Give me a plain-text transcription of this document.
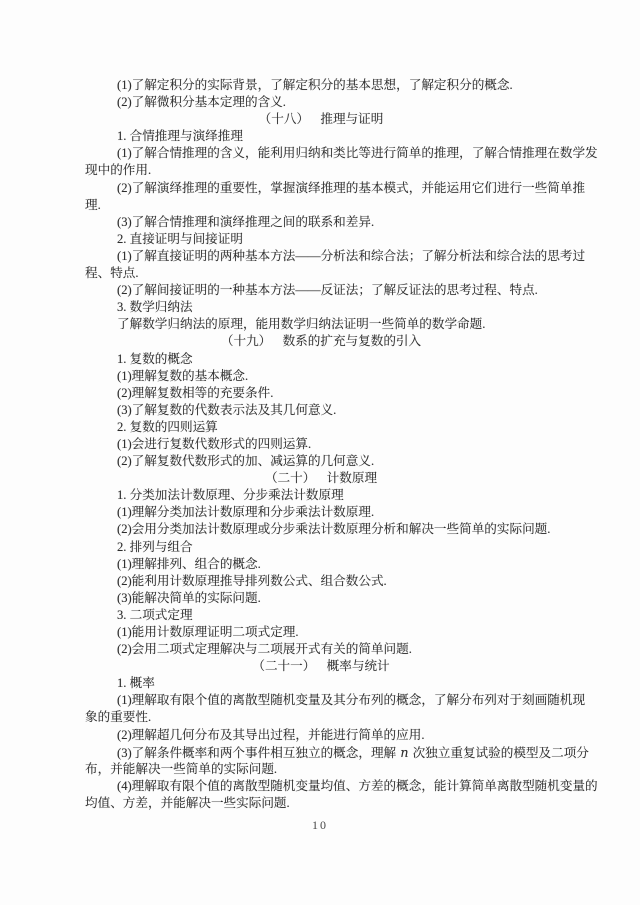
(1)了解定积分的实际背景，了解定积分的基本思想，了解定积分的概念.
(2)了解微积分基本定理的含义.
（十八） 推理与证明
1. 合情推理与演绎推理
(1)了解合情推理的含义，能利用归纳和类比等进行简单的推理，了解合情推理在数学发
现中的作用.
(2)了解演绎推理的重要性，掌握演绎推理的基本模式，并能运用它们进行一些简单推
理.
(3)了解合情推理和演绎推理之间的联系和差异.
2. 直接证明与间接证明
(1)了解直接证明的两种基本方法——分析法和综合法；了解分析法和综合法的思考过
程、特点.
(2)了解间接证明的一种基本方法——反证法；了解反证法的思考过程、特点.
3. 数学归纳法
了解数学归纳法的原理，能用数学归纳法证明一些简单的数学命题.
（十九） 数系的扩充与复数的引入
1. 复数的概念
(1)理解复数的基本概念.
(2)理解复数相等的充要条件.
(3)了解复数的代数表示法及其几何意义.
2. 复数的四则运算
(1)会进行复数代数形式的四则运算.
(2)了解复数代数形式的加、减运算的几何意义.
（二十） 计数原理
1. 分类加法计数原理、分步乘法计数原理
(1)理解分类加法计数原理和分步乘法计数原理.
(2)会用分类加法计数原理或分步乘法计数原理分析和解决一些简单的实际问题.
2. 排列与组合
(1)理解排列、组合的概念.
(2)能利用计数原理推导排列数公式、组合数公式.
(3)能解决简单的实际问题.
3. 二项式定理
(1)能用计数原理证明二项式定理.
(2)会用二项式定理解决与二项展开式有关的简单问题.
（二十一） 概率与统计
1. 概率
(1)理解取有限个值的离散型随机变量及其分布列的概念，了解分布列对于刻画随机现
象的重要性.
(2)理解超几何分布及其导出过程，并能进行简单的应用.
(3)了解条件概率和两个事件相互独立的概念，理解 n 次独立重复试验的模型及二项分
布，并能解决一些简单的实际问题.
(4)理解取有限个值的离散型随机变量均值、方差的概念，能计算简单离散型随机变量的
均值、方差，并能解决一些实际问题.
10
